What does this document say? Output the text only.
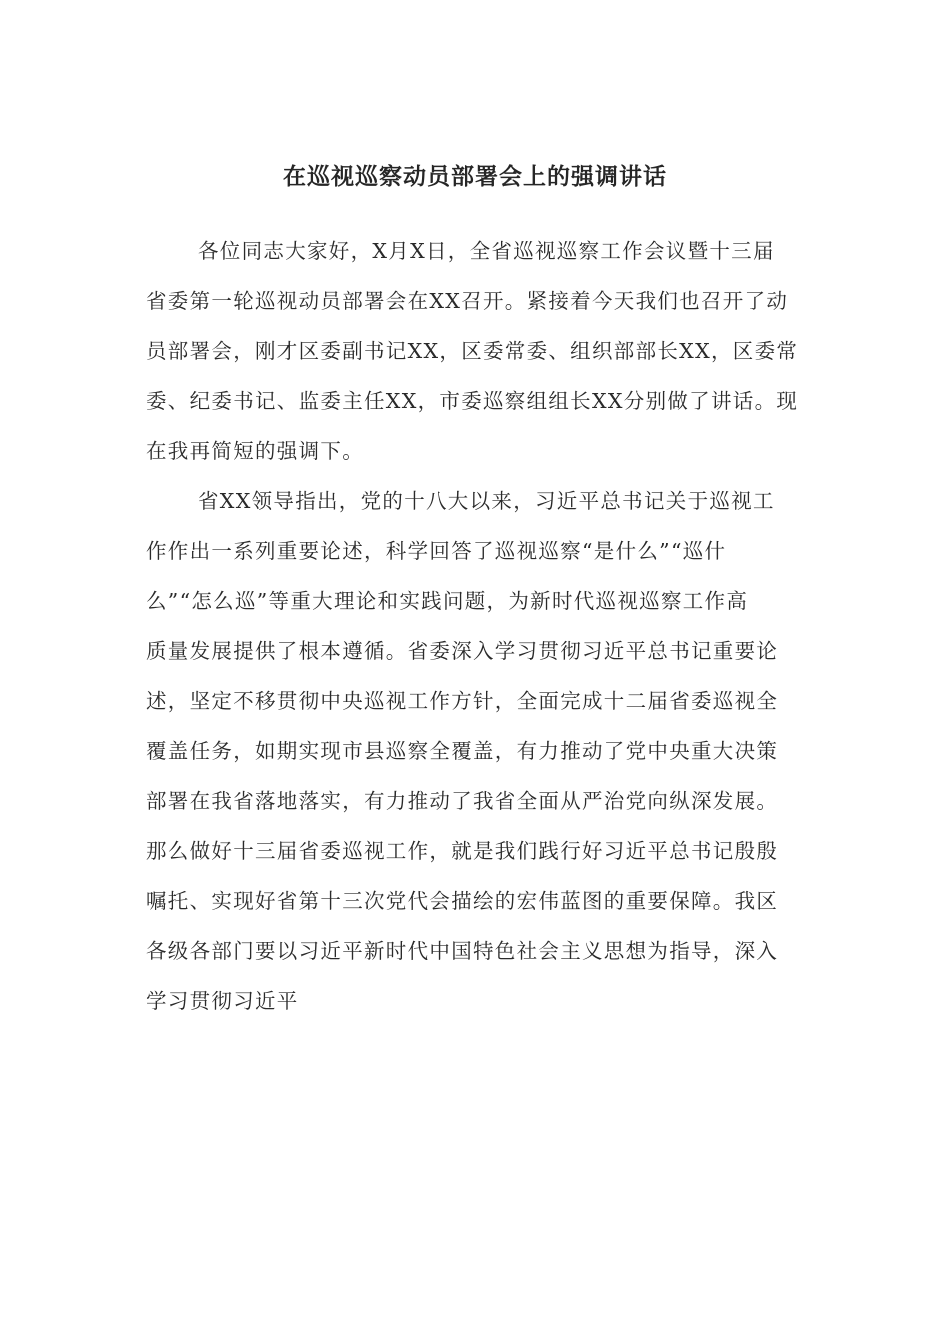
在巡视巡察动员部署会上的强调讲话
各位同志大家好，X月X日，全省巡视巡察工作会议暨十三届
省委第一轮巡视动员部署会在XX召开。紧接着今天我们也召开了动
员部署会，刚才区委副书记XX，区委常委、组织部部长XX，区委常
委、纪委书记、监委主任XX，市委巡察组组长XX分别做了讲话。现
在我再简短的强调下。
省XX领导指出，党的十八大以来，习近平总书记关于巡视工
作作出一系列重要论述，科学回答了巡视巡察“是什么”“巡什
么”“怎么巡”等重大理论和实践问题，为新时代巡视巡察工作高
质量发展提供了根本遵循。省委深入学习贯彻习近平总书记重要论
述，坚定不移贯彻中央巡视工作方针，全面完成十二届省委巡视全
覆盖任务，如期实现市县巡察全覆盖，有力推动了党中央重大决策
部署在我省落地落实，有力推动了我省全面从严治党向纵深发展。
那么做好十三届省委巡视工作，就是我们践行好习近平总书记殷殷
嘱托、实现好省第十三次党代会描绘的宏伟蓝图的重要保障。我区
各级各部门要以习近平新时代中国特色社会主义思想为指导，深入
学习贯彻习近平
